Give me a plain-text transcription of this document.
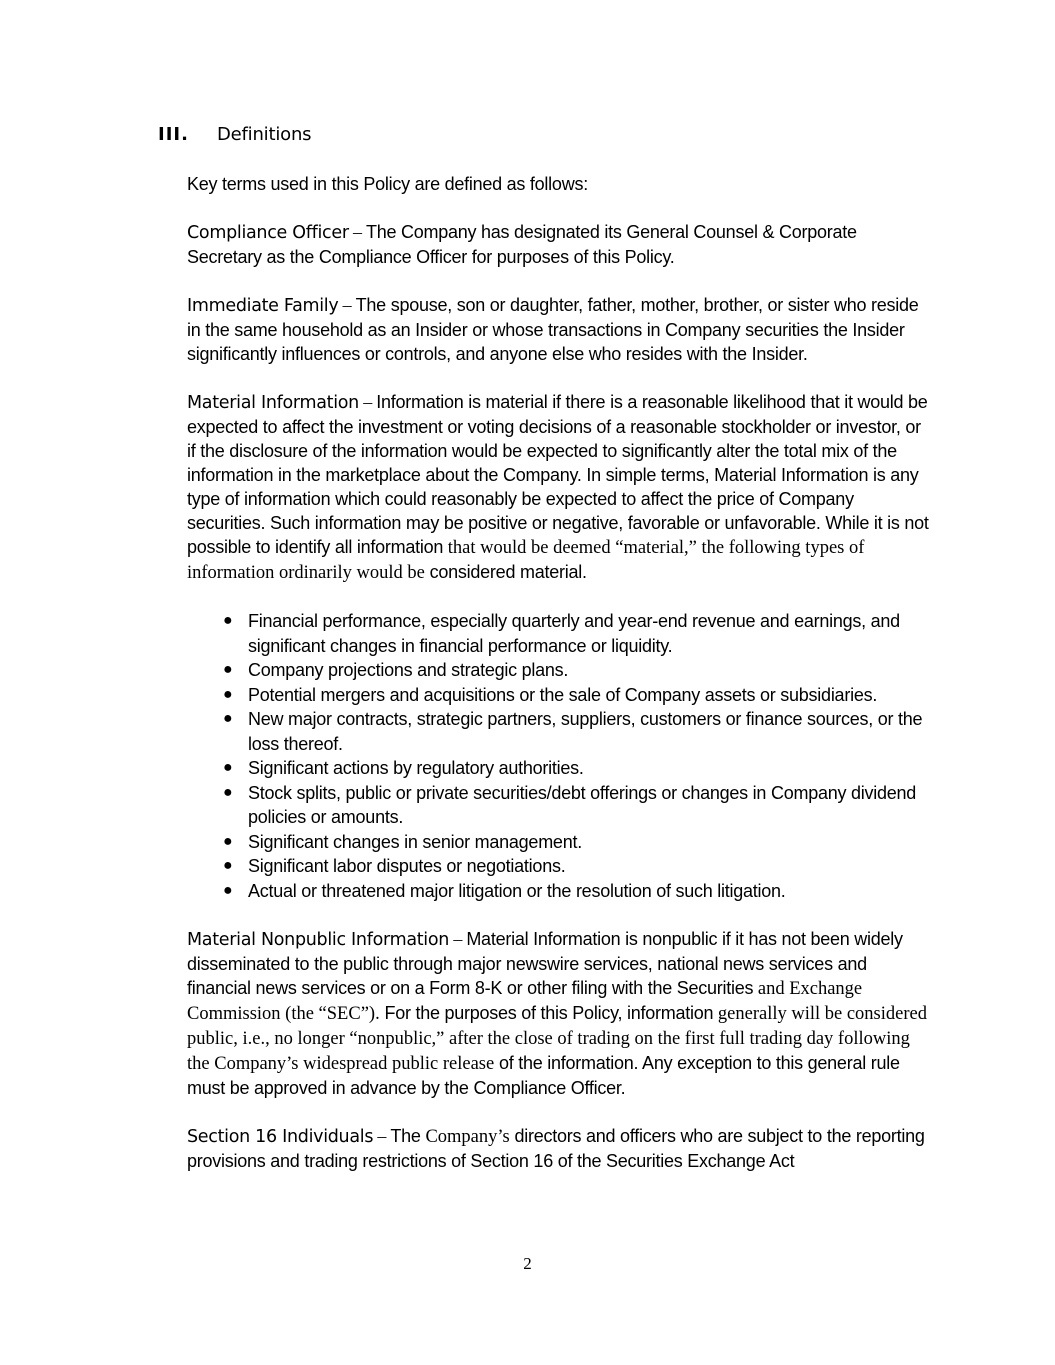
III. Definitions

Key terms used in this Policy are defined as follows:

Compliance Officer – The Company has designated its General Counsel & Corporate Secretary as the Compliance Officer for purposes of this Policy.

Immediate Family – The spouse, son or daughter, father, mother, brother, or sister who reside in the same household as an Insider or whose transactions in Company securities the Insider significantly influences or controls, and anyone else who resides with the Insider.

Material Information – Information is material if there is a reasonable likelihood that it would be expected to affect the investment or voting decisions of a reasonable stockholder or investor, or if the disclosure of the information would be expected to significantly alter the total mix of the information in the marketplace about the Company. In simple terms, Material Information is any type of information which could reasonably be expected to affect the price of Company securities. Such information may be positive or negative, favorable or unfavorable. While it is not possible to identify all information that would be deemed “material,” the following types of information ordinarily would be considered material.

● Financial performance, especially quarterly and year-end revenue and earnings, and significant changes in financial performance or liquidity.
● Company projections and strategic plans.
● Potential mergers and acquisitions or the sale of Company assets or subsidiaries.
● New major contracts, strategic partners, suppliers, customers or finance sources, or the loss thereof.
● Significant actions by regulatory authorities.
● Stock splits, public or private securities/debt offerings or changes in Company dividend policies or amounts.
● Significant changes in senior management.
● Significant labor disputes or negotiations.
● Actual or threatened major litigation or the resolution of such litigation.

Material Nonpublic Information – Material Information is nonpublic if it has not been widely disseminated to the public through major newswire services, national news services and financial news services or on a Form 8-K or other filing with the Securities and Exchange Commission (the “SEC”). For the purposes of this Policy, information generally will be considered public, i.e., no longer “nonpublic,” after the close of trading on the first full trading day following the Company’s widespread public release of the information. Any exception to this general rule must be approved in advance by the Compliance Officer.

Section 16 Individuals – The Company’s directors and officers who are subject to the reporting provisions and trading restrictions of Section 16 of the Securities Exchange Act

2
